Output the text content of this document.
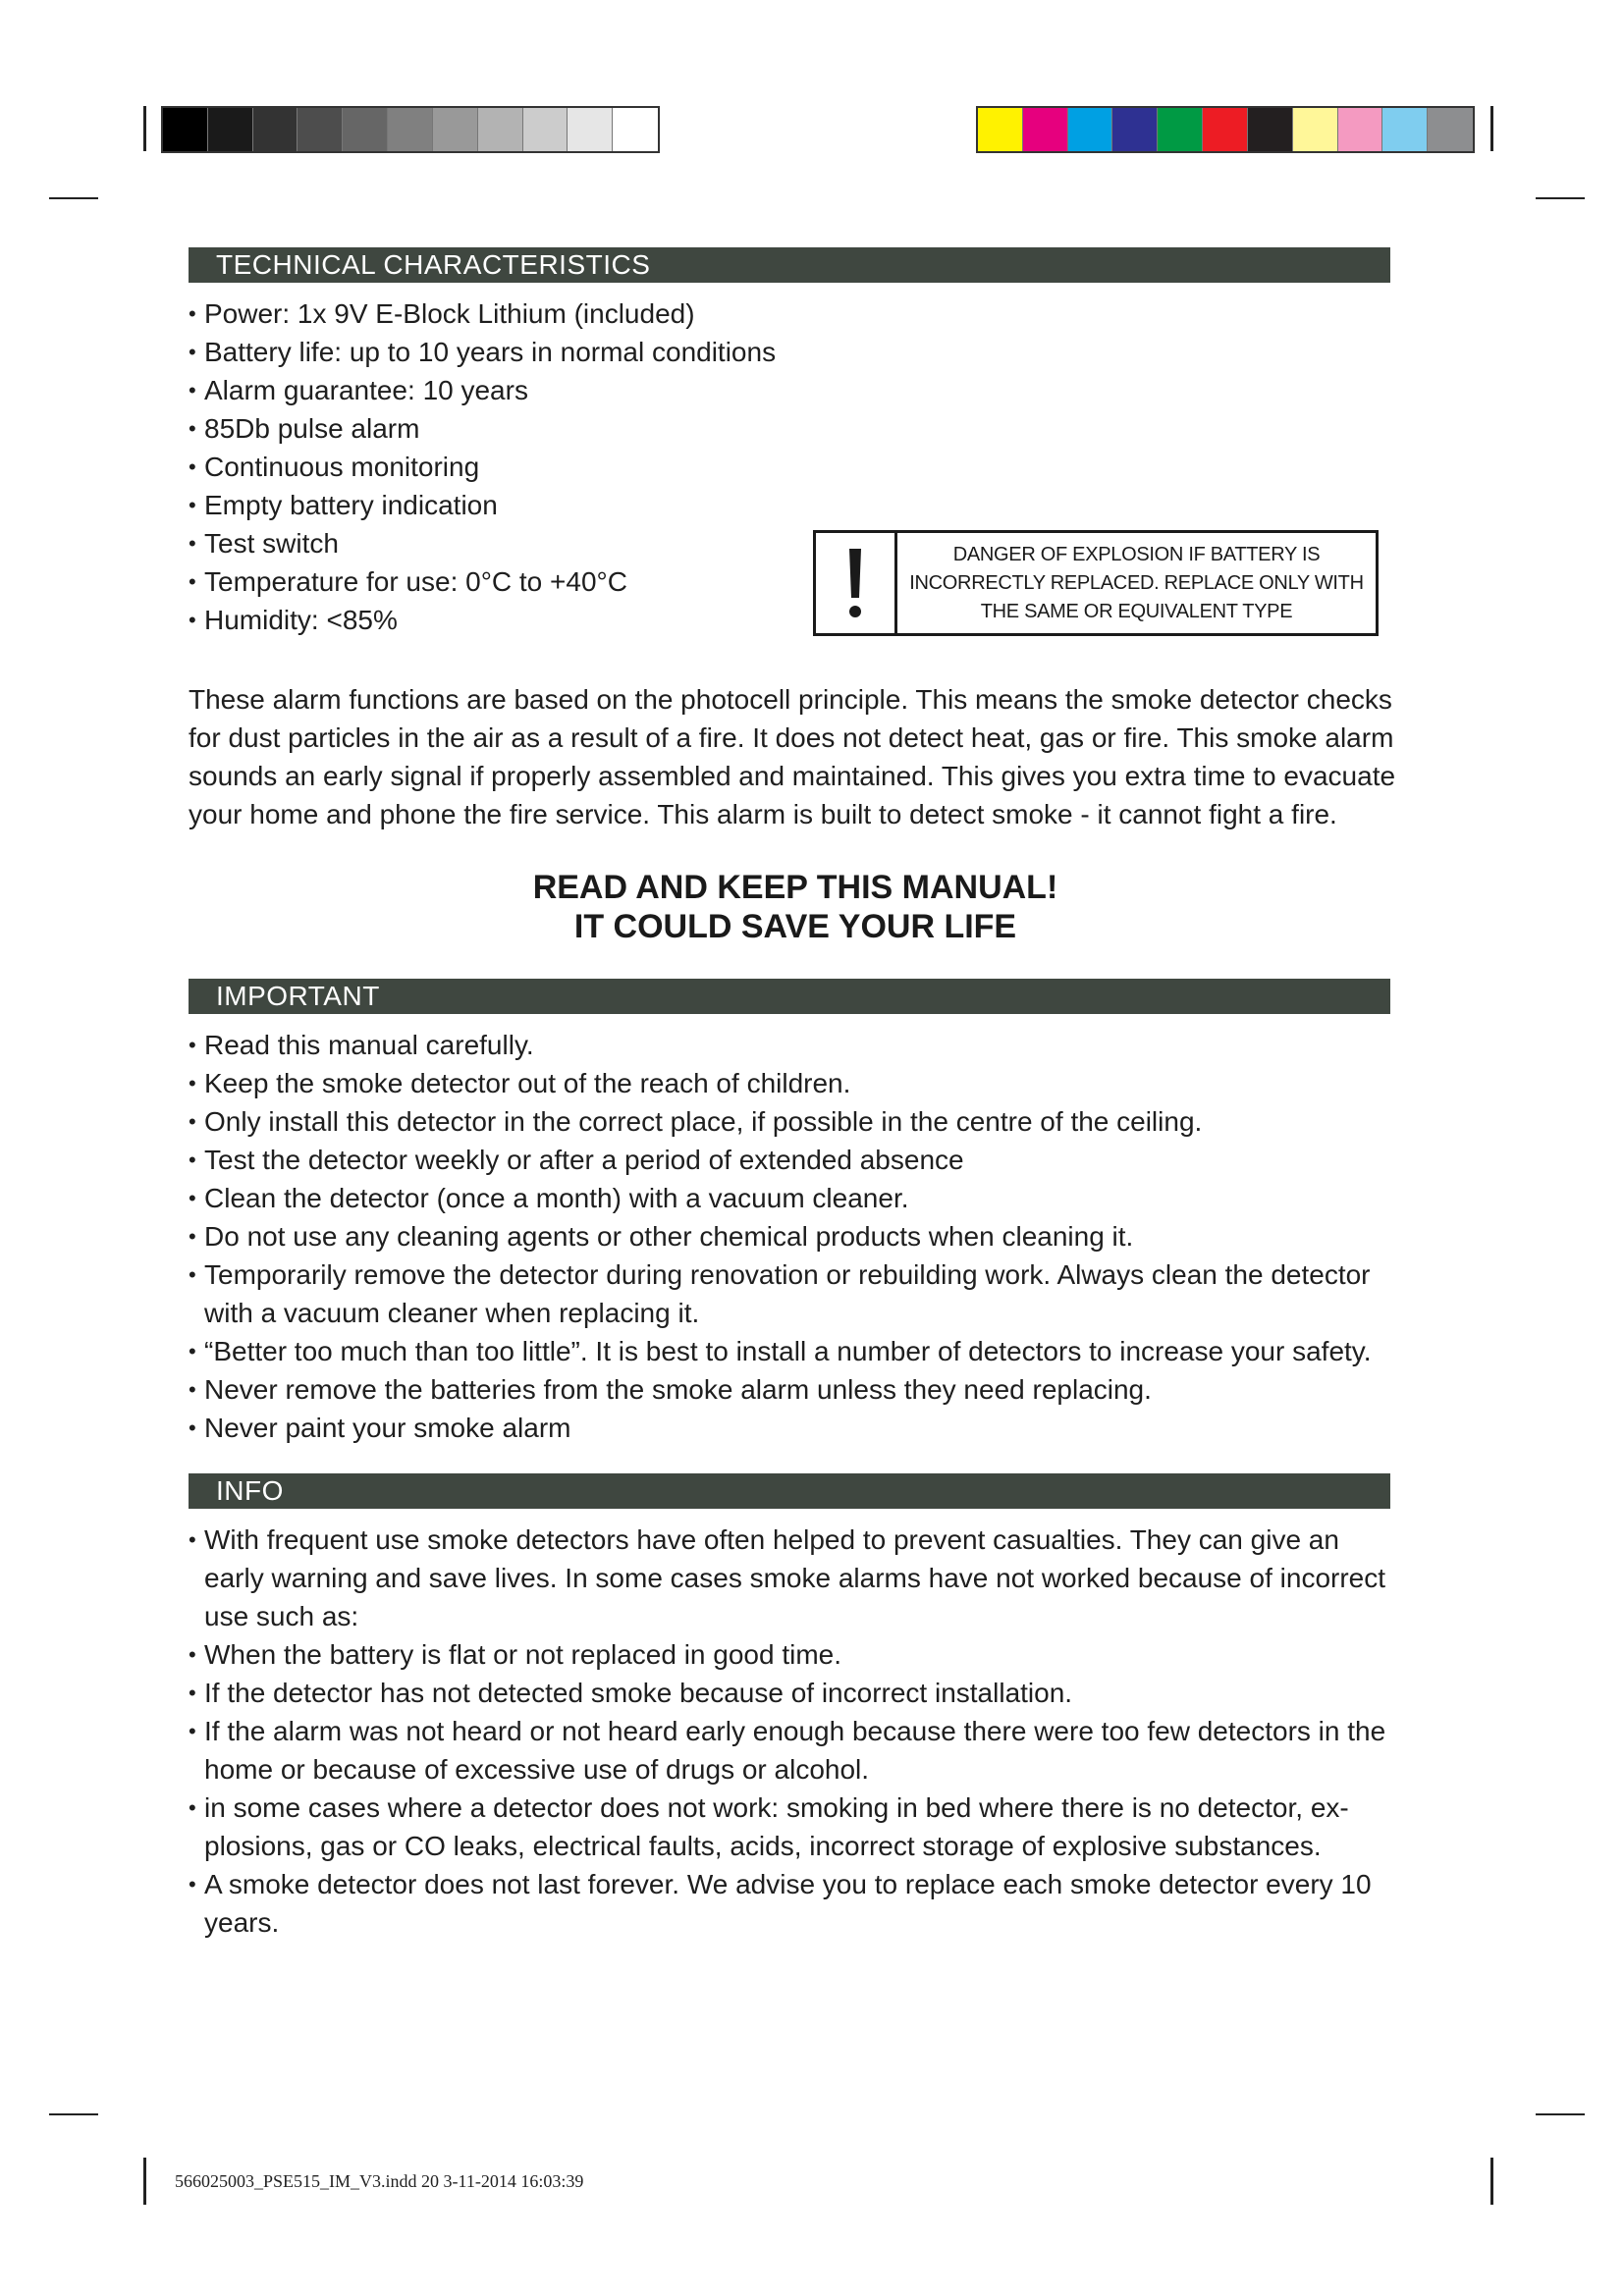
TECHNICAL CHARACTERISTICS
• Power: 1x 9V E-Block Lithium (included)
• Battery life: up to 10 years in normal conditions
• Alarm guarantee: 10 years
• 85Db pulse alarm
• Continuous monitoring
• Empty battery indication
• Test switch
• Temperature for use: 0°C to +40°C
• Humidity: <85%
DANGER OF EXPLOSION IF BATTERY IS
INCORRECTLY REPLACED. REPLACE ONLY WITH
THE SAME OR EQUIVALENT TYPE
These alarm functions are based on the photocell principle. This means the smoke detector checks for dust particles in the air as a result of a fire. It does not detect heat, gas or fire. This smoke alarm sounds an early signal if properly assembled and maintained. This gives you extra time to evacuate your home and phone the fire service. This alarm is built to detect smoke - it cannot fight a fire.
READ AND KEEP THIS MANUAL!
IT COULD SAVE YOUR LIFE
IMPORTANT
• Read this manual carefully.
• Keep the smoke detector out of the reach of children.
• Only install this detector in the correct place, if possible in the centre of the ceiling.
• Test the detector weekly or after a period of extended absence
• Clean the detector (once a month) with a vacuum cleaner.
• Do not use any cleaning agents or other chemical products when cleaning it.
• Temporarily remove the detector during renovation or rebuilding work. Always clean the detector with a vacuum cleaner when replacing it.
• “Better too much than too little”. It is best to install a number of detectors to increase your safety.
• Never remove the batteries from the smoke alarm unless they need replacing.
• Never paint your smoke alarm
INFO
• With frequent use smoke detectors have often helped to prevent casualties. They can give an early warning and save lives. In some cases smoke alarms have not worked because of incorrect use such as:
• When the battery is flat or not replaced in good time.
• If the detector has not detected smoke because of incorrect installation.
• If the alarm was not heard or not heard early enough because there were too few detectors in the home or because of excessive use of drugs or alcohol.
• in some cases where a detector does not work: smoking in bed where there is no detector, ex-plosions, gas or CO leaks, electrical faults, acids, incorrect storage of explosive substances.
• A smoke detector does not last forever. We advise you to replace each smoke detector every 10 years.
566025003_PSE515_IM_V3.indd 20 3-11-2014 16:03:39
